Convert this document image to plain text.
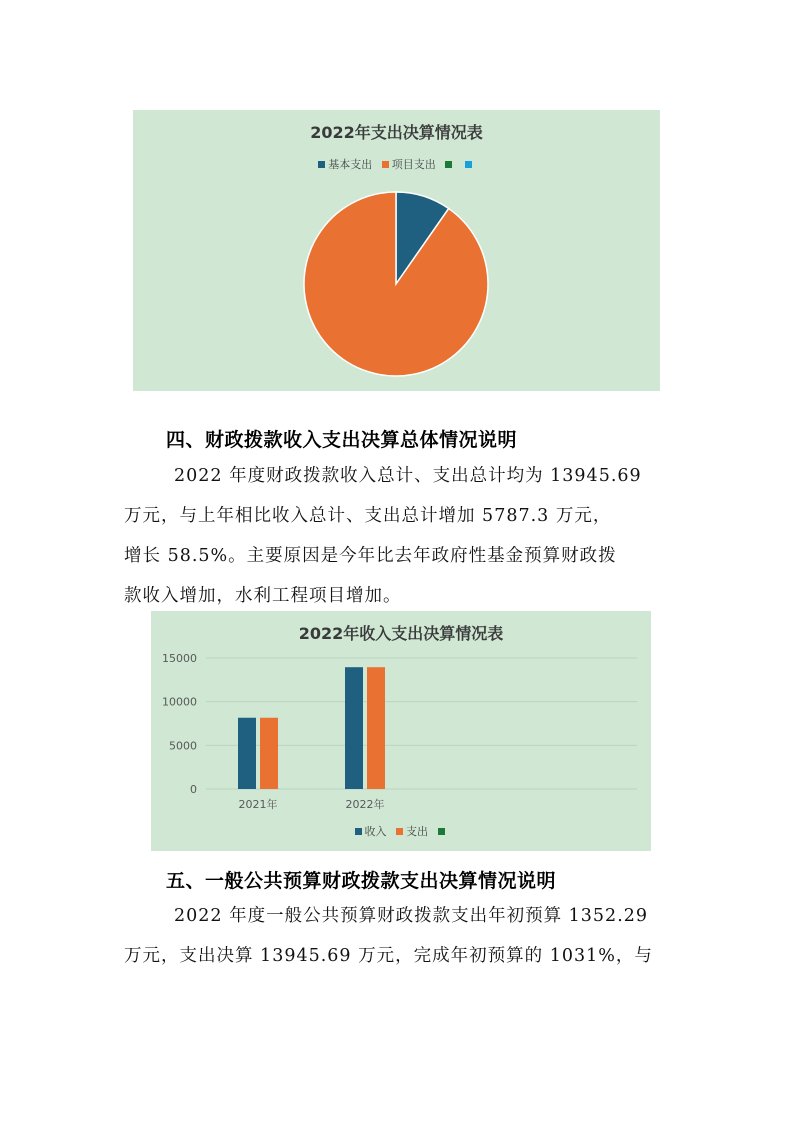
2022年支出决算情况表
基本支出 项目支出
四、财政拨款收入支出决算总体情况说明
2022 年度财政拨款收入总计、支出总计均为 13945.69
万元，与上年相比收入总计、支出总计增加 5787.3 万元，
增长 58.5%。主要原因是今年比去年政府性基金预算财政拨
款收入增加，水利工程项目增加。
2022年收入支出决算情况表
15000
10000
5000
0
2021年	2022年
收入 支出
五、一般公共预算财政拨款支出决算情况说明
2022 年度一般公共预算财政拨款支出年初预算 1352.29
万元，支出决算 13945.69 万元，完成年初预算的 1031%，与
